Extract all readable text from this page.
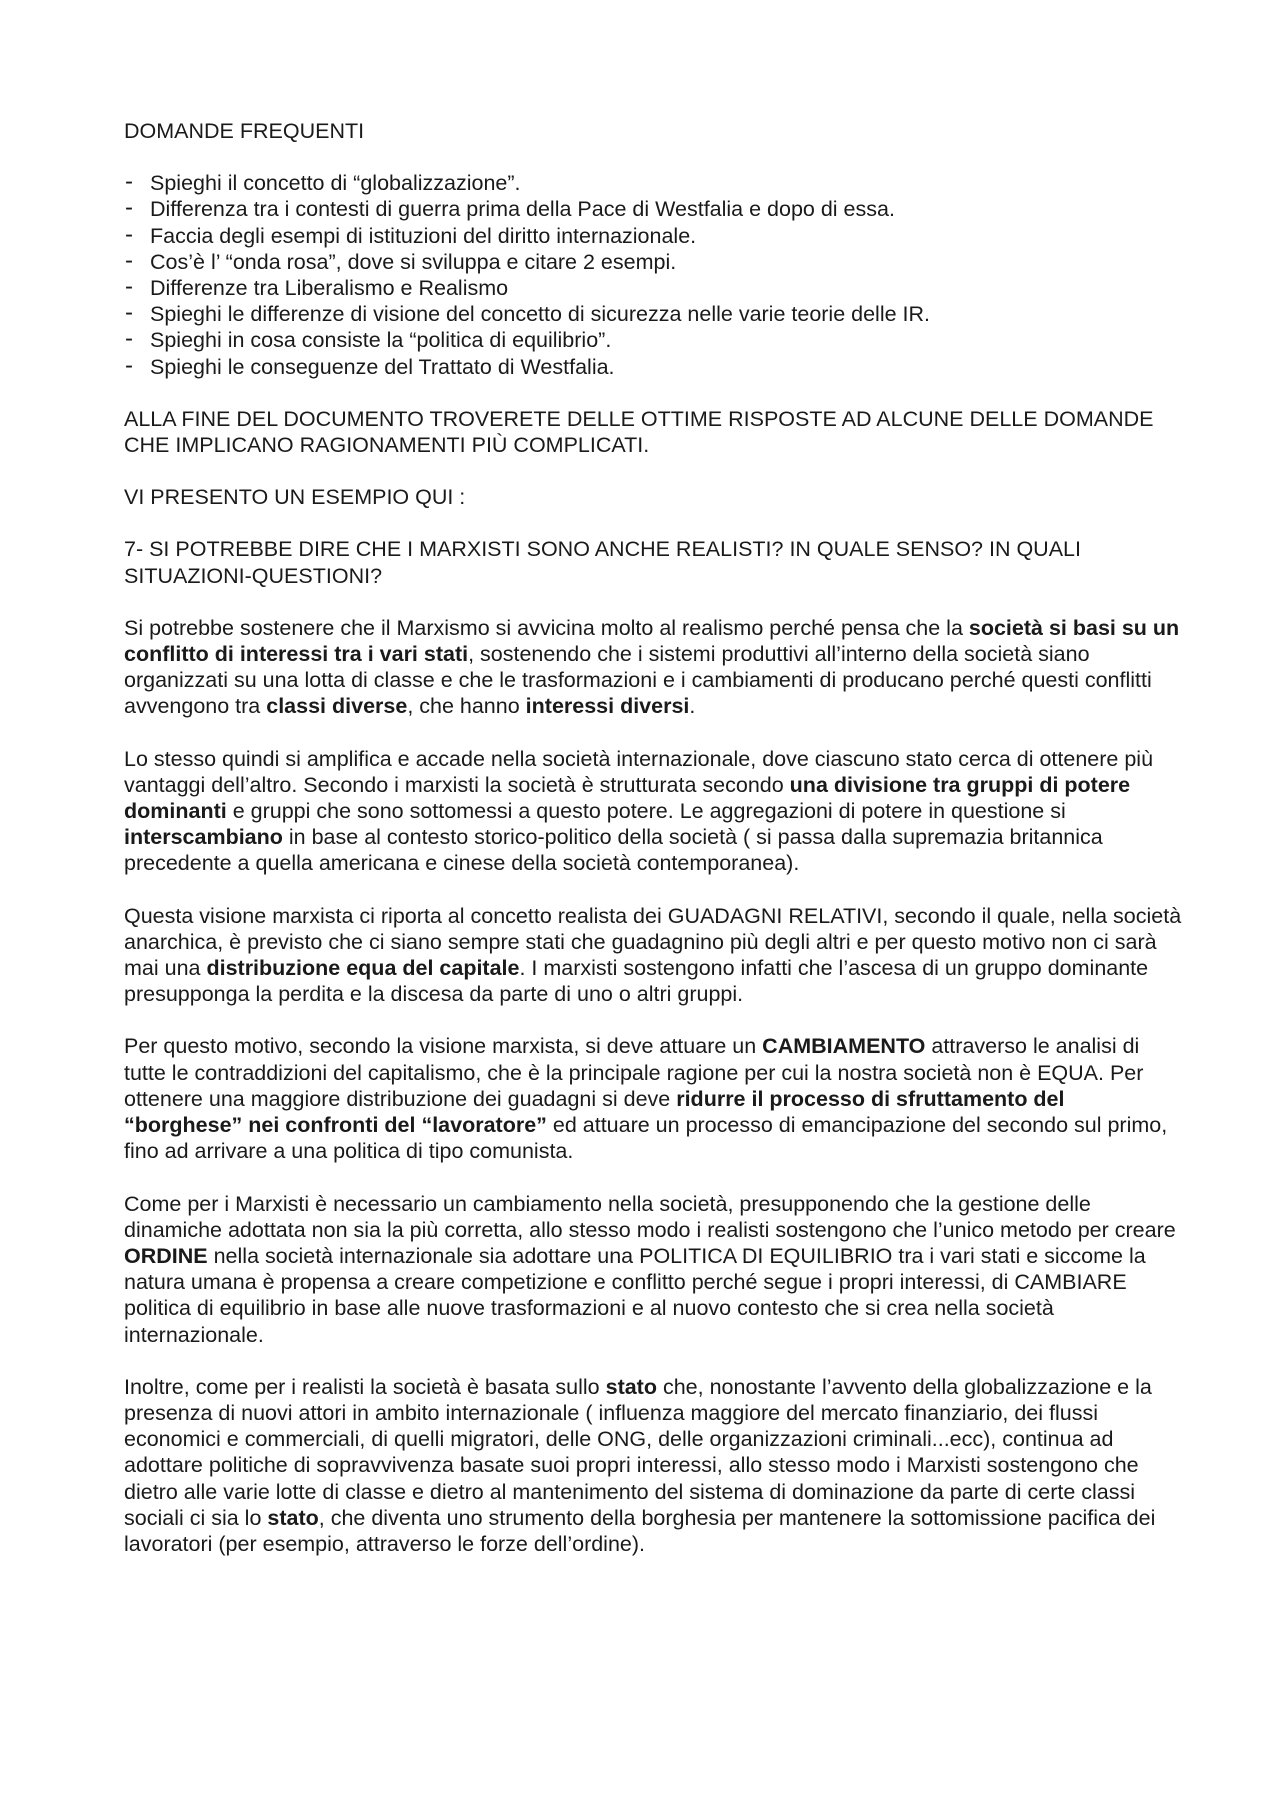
DOMANDE FREQUENTI

- Spieghi il concetto di “globalizzazione”.
- Differenza tra i contesti di guerra prima della Pace di Westfalia e dopo di essa.
- Faccia degli esempi di istituzioni del diritto internazionale.
- Cos’è l’ “onda rosa”, dove si sviluppa e citare 2 esempi.
- Differenze tra Liberalismo e Realismo
- Spieghi le differenze di visione del concetto di sicurezza nelle varie teorie delle IR.
- Spieghi in cosa consiste la “politica di equilibrio”.
- Spieghi le conseguenze del Trattato di Westfalia.

ALLA FINE DEL DOCUMENTO TROVERETE DELLE OTTIME RISPOSTE AD ALCUNE DELLE DOMANDE CHE IMPLICANO RAGIONAMENTI PIÙ COMPLICATI.

VI PRESENTO UN ESEMPIO QUI :

7- SI POTREBBE DIRE CHE I MARXISTI SONO ANCHE REALISTI? IN QUALE SENSO? IN QUALI SITUAZIONI-QUESTIONI?

Si potrebbe sostenere che il Marxismo si avvicina molto al realismo perché pensa che la società si basi su un conflitto di interessi tra i vari stati, sostenendo che i sistemi produttivi all’interno della società siano organizzati su una lotta di classe e che le trasformazioni e i cambiamenti di producano perché questi conflitti avvengono tra classi diverse, che hanno interessi diversi.

Lo stesso quindi si amplifica e accade nella società internazionale, dove ciascuno stato cerca di ottenere più vantaggi dell’altro. Secondo i marxisti la società è strutturata secondo una divisione tra gruppi di potere dominanti e gruppi che sono sottomessi a questo potere. Le aggregazioni di potere in questione si interscambiano in base al contesto storico-politico della società ( si passa dalla supremazia britannica precedente a quella americana e cinese della società contemporanea).

Questa visione marxista ci riporta al concetto realista dei GUADAGNI RELATIVI, secondo il quale, nella società anarchica, è previsto che ci siano sempre stati che guadagnino più degli altri e per questo motivo non ci sarà mai una distribuzione equa del capitale. I marxisti sostengono infatti che l’ascesa di un gruppo dominante presupponga la perdita e la discesa da parte di uno o altri gruppi.

Per questo motivo, secondo la visione marxista, si deve attuare un CAMBIAMENTO attraverso le analisi di tutte le contraddizioni del capitalismo, che è la principale ragione per cui la nostra società non è EQUA. Per ottenere una maggiore distribuzione dei guadagni si deve ridurre il processo di sfruttamento del “borghese” nei confronti del “lavoratore” ed attuare un processo di emancipazione del secondo sul primo, fino ad arrivare a una politica di tipo comunista.

Come per i Marxisti è necessario un cambiamento nella società, presupponendo che la gestione delle dinamiche adottata non sia la più corretta, allo stesso modo i realisti sostengono che l’unico metodo per creare ORDINE nella società internazionale sia adottare una POLITICA DI EQUILIBRIO tra i vari stati e siccome la natura umana è propensa a creare competizione e conflitto perché segue i propri interessi, di CAMBIARE politica di equilibrio in base alle nuove trasformazioni e al nuovo contesto che si crea nella società internazionale.

Inoltre, come per i realisti la società è basata sullo stato che, nonostante l’avvento della globalizzazione e la presenza di nuovi attori in ambito internazionale ( influenza maggiore del mercato finanziario, dei flussi economici e commerciali, di quelli migratori, delle ONG, delle organizzazioni criminali...ecc), continua ad adottare politiche di sopravvivenza basate suoi propri interessi, allo stesso modo i Marxisti sostengono che dietro alle varie lotte di classe e dietro al mantenimento del sistema di dominazione da parte di certe classi sociali ci sia lo stato, che diventa uno strumento della borghesia per mantenere la sottomissione pacifica dei lavoratori (per esempio, attraverso le forze dell’ordine).
